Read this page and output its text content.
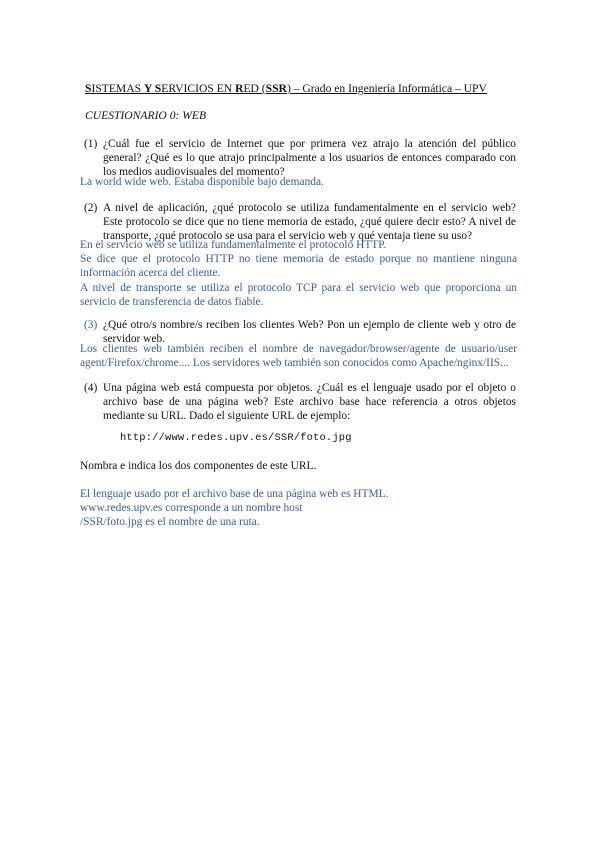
SISTEMAS Y SERVICIOS EN RED (SSR) – Grado en Ingeniería Informática – UPV
CUESTIONARIO 0: WEB
(1) ¿Cuál fue el servicio de Internet que por primera vez atrajo la atención del público general? ¿Qué es lo que atrajo principalmente a los usuarios de entonces comparado con los medios audiovisuales del momento?

La world wide web. Estaba disponible bajo demanda.

(2) A nivel de aplicación, ¿qué protocolo se utiliza fundamentalmente en el servicio web? Este protocolo se dice que no tiene memoria de estado, ¿qué quiere decir esto? A nivel de transporte, ¿qué protocolo se usa para el servicio web y qué ventaja tiene su uso?

En el servicio web se utiliza fundamentalmente el protocolo HTTP.

Se dice que el protocolo HTTP no tiene memoria de estado porque no mantiene ninguna información acerca del cliente.

A nivel de transporte se utiliza el protocolo TCP para el servicio web que proporciona un servicio de transferencia de datos fiable.

(3) ¿Qué otro/s nombre/s reciben los clientes Web? Pon un ejemplo de cliente web y otro de servidor web.

Los clientes web también reciben el nombre de navegador/browser/agente de usuario/user agent/Firefox/chrome.... Los servidores web también son conocidos como Apache/nginx/IIS...

(4) Una página web está compuesta por objetos. ¿Cuál es el lenguaje usado por el objeto o archivo base de una página web? Este archivo base hace referencia a otros objetos mediante su URL. Dado el siguiente URL de ejemplo:
http://www.redes.upv.es/SSR/foto.jpg
Nombra e indica los dos componentes de este URL.

El lenguaje usado por el archivo base de una página web es HTML.

www.redes.upv.es corresponde a un nombre host

/SSR/foto.jpg es el nombre de una ruta.
